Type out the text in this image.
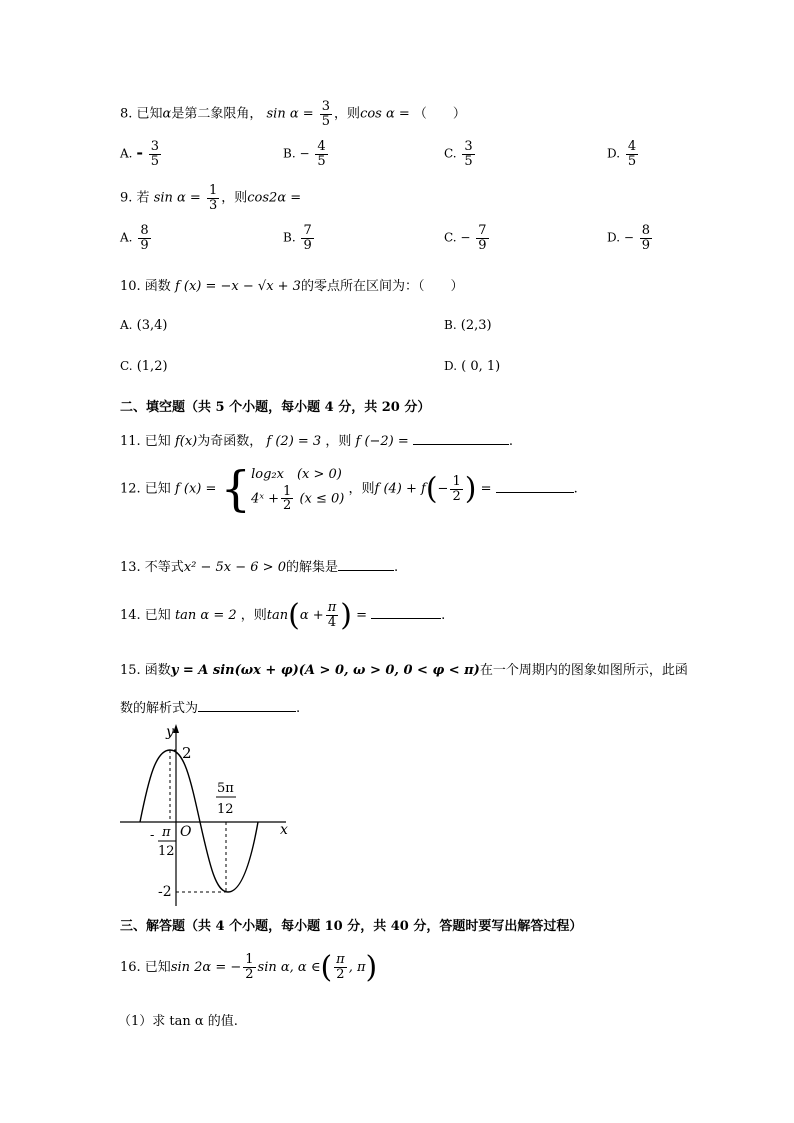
8. 已知α是第二象限角， $\sin \alpha = \frac{3}{5}$ ，则cos α = （　　）
A. - $\frac{3}{5}$	B. − $\frac{4}{5}$	C. $\frac{3}{5}$	D. $\frac{4}{5}$
9. 若 $\sin \alpha = \frac{1}{3}$ ，则cos2α =
A. $\frac{8}{9}$	B. $\frac{7}{9}$	C. − $\frac{7}{9}$	D. − $\frac{8}{9}$
10. 函数 f (x) = −x − √x + 3的零点所在区间为：（　　）
A. (3,4)	B. (2,3)
C. (1,2)	D. ( 0, 1)
二、填空题（共 5 个小题，每小题 4 分，共 20 分）
11. 已知 f(x)为奇函数， f (2) = 3 ，则 f (−2) =	.
12. 已知 f (x) = { log₂x　(x > 0)
4ˣ + $\frac{1}{2} (x \le 0)$
，则f $(4) + f(- \frac{1}{2}$ ) =	.
13. 不等式x² − 5x − 6 > 0的解集是	.
14. 已知 tan α = 2 ，则$\tan(\alpha + \frac{\pi}{4}$ ) =	.
15. 函数y = A sin(ωx + φ)(A > 0, ω > 0, 0 < φ < π)在一个周期内的图象如图所示，此函
数的解析式为	.
y
x
O
2
-2
5π
12
- π
12
三、解答题（共 4 个小题，每小题 10 分，共 40 分，答题时要写出解答过程）
16. 已知sin 2α = − $\frac{1}{2}$ sin α, α ∈( $\frac{\pi}{2}$ , π)
（1）求 tan α 的值.
